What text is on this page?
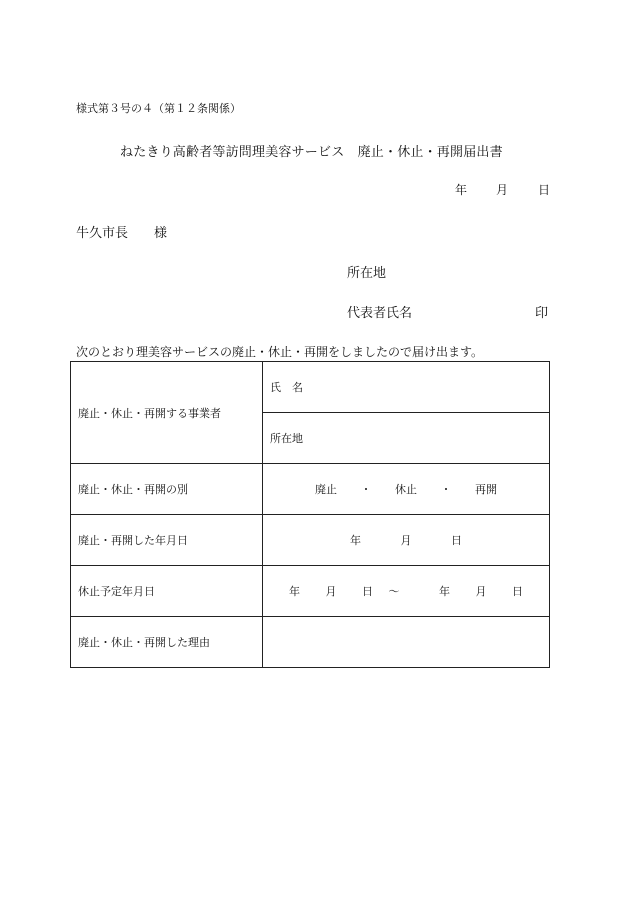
様式第３号の４（第１２条関係）
ねたきり高齢者等訪問理美容サービス　廃止・休止・再開届出書
年 月 日
牛久市長　　様
所在地
代表者氏名	印
次のとおり理美容サービスの廃止・休止・再開をしましたので届け出ます。
廃止・休止・再開する事業者	氏　名
	所在地
廃止・休止・再開の別	廃止 ・ 休止 ・ 再開
廃止・再開した年月日	年 月 日
休止予定年月日	年 月 日 ～ 年 月 日
廃止・休止・再開した理由	
